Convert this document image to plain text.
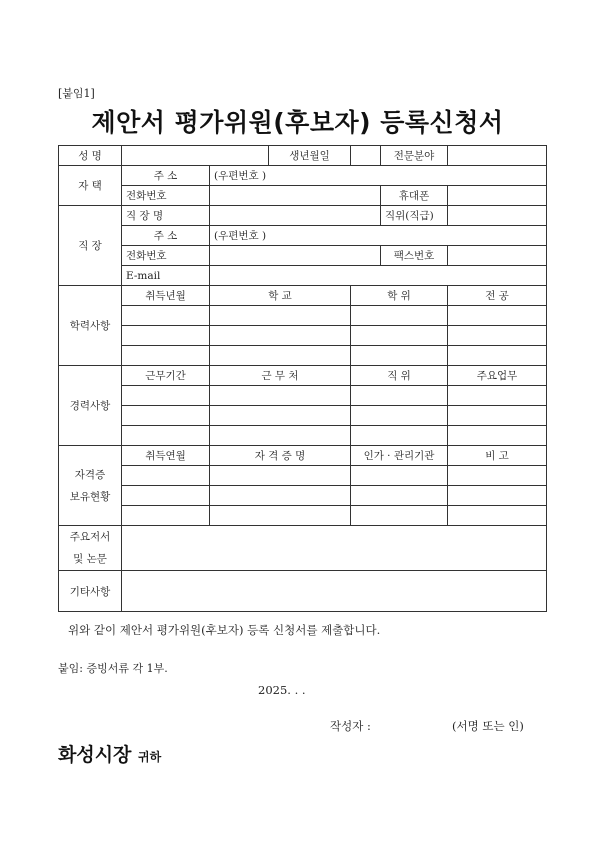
[붙임1]
제안서 평가위원(후보자) 등록신청서
성 명			생년월일		전문분야	
자 택	주 소	(우편번호 )				
	전화번호				휴대폰	
직 장	직 장 명				직위(직급)	
	주 소	(우편번호 )				
	전화번호				팩스번호	
	E-mail					
학력사항	취득년월	학 교		학 위		전 공

경력사항	근무기간	근 무 처		직 위		주요업무

자격증
보유현황	취득연월	자 격 증 명		인가 · 관리기관		비 고

주요저서
및 논문						
기타사항						
위와 같이 제안서 평가위원(후보자) 등록 신청서를 제출합니다.
붙임: 증빙서류 각 1부.
2025. . .
작성자 :	(서명 또는 인)
화성시장 귀하
